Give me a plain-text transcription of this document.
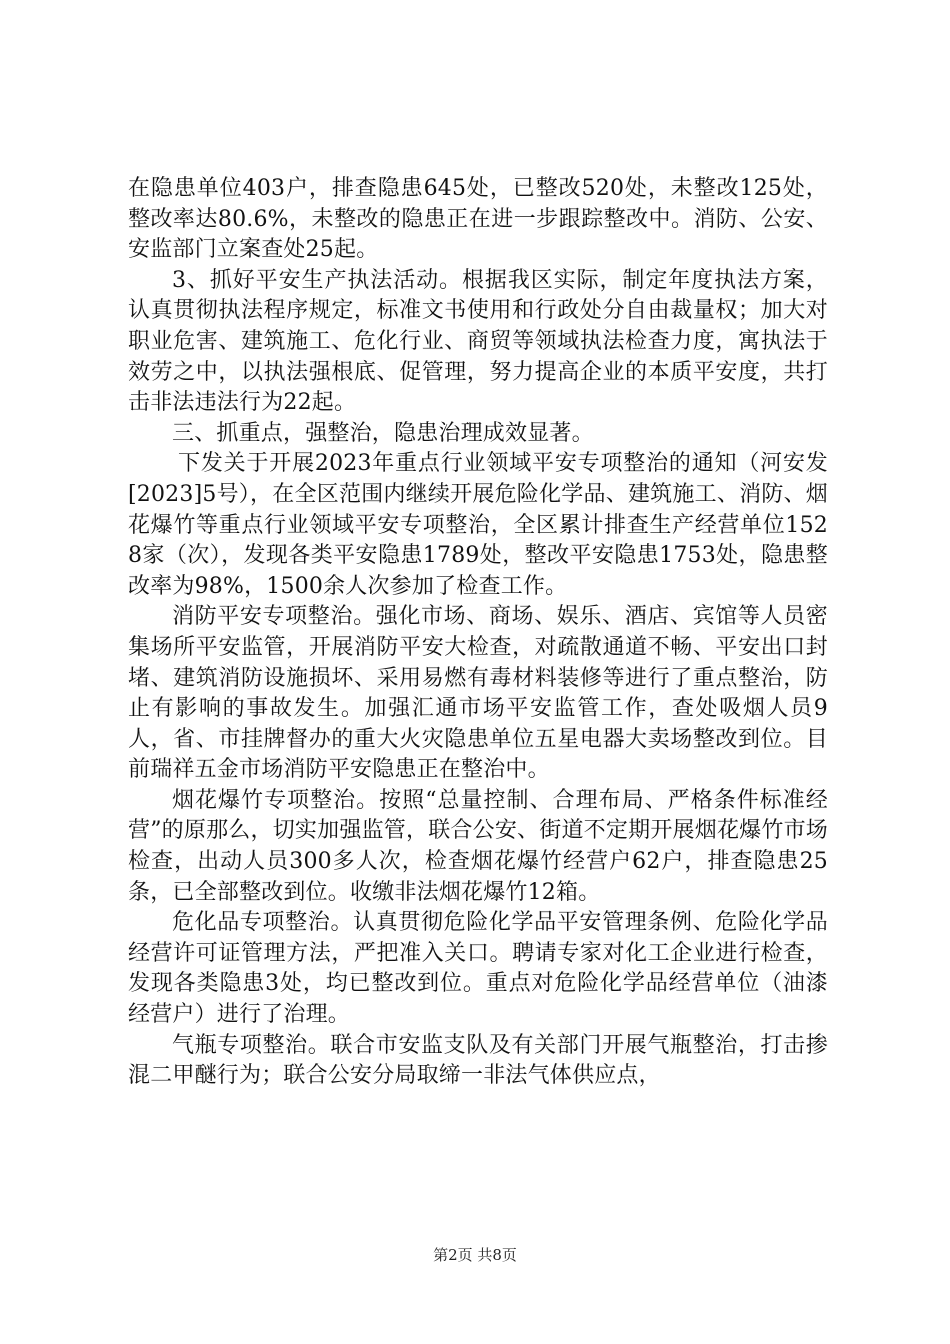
在隐患单位403户，排查隐患645处，已整改520处，未整改125处，整改率达80.6%，未整改的隐患正在进一步跟踪整改中。消防、公安、安监部门立案查处25起。

3、抓好平安生产执法活动。根据我区实际，制定年度执法方案，认真贯彻执法程序规定，标准文书使用和行政处分自由裁量权；加大对职业危害、建筑施工、危化行业、商贸等领域执法检查力度，寓执法于效劳之中，以执法强根底、促管理，努力提高企业的本质平安度，共打击非法违法行为22起。

三、抓重点，强整治，隐患治理成效显著。

下发关于开展2023年重点行业领域平安专项整治的通知（河安发[2023]5号），在全区范围内继续开展危险化学品、建筑施工、消防、烟花爆竹等重点行业领域平安专项整治，全区累计排查生产经营单位1528家（次），发现各类平安隐患1789处，整改平安隐患1753处，隐患整改率为98%，1500余人次参加了检查工作。

消防平安专项整治。强化市场、商场、娱乐、酒店、宾馆等人员密集场所平安监管，开展消防平安大检查，对疏散通道不畅、平安出口封堵、建筑消防设施损坏、采用易燃有毒材料装修等进行了重点整治，防止有影响的事故发生。加强汇通市场平安监管工作，查处吸烟人员9人，省、市挂牌督办的重大火灾隐患单位五星电器大卖场整改到位。目前瑞祥五金市场消防平安隐患正在整治中。

烟花爆竹专项整治。按照“总量控制、合理布局、严格条件标准经营”的原那么，切实加强监管，联合公安、街道不定期开展烟花爆竹市场检查，出动人员300多人次，检查烟花爆竹经营户62户，排查隐患25条，已全部整改到位。收缴非法烟花爆竹12箱。

危化品专项整治。认真贯彻危险化学品平安管理条例、危险化学品经营许可证管理方法，严把准入关口。聘请专家对化工企业进行检查，发现各类隐患3处，均已整改到位。重点对危险化学品经营单位（油漆经营户）进行了治理。

气瓶专项整治。联合市安监支队及有关部门开展气瓶整治，打击掺混二甲醚行为；联合公安分局取缔一非法气体供应点，

第2页 共8页
